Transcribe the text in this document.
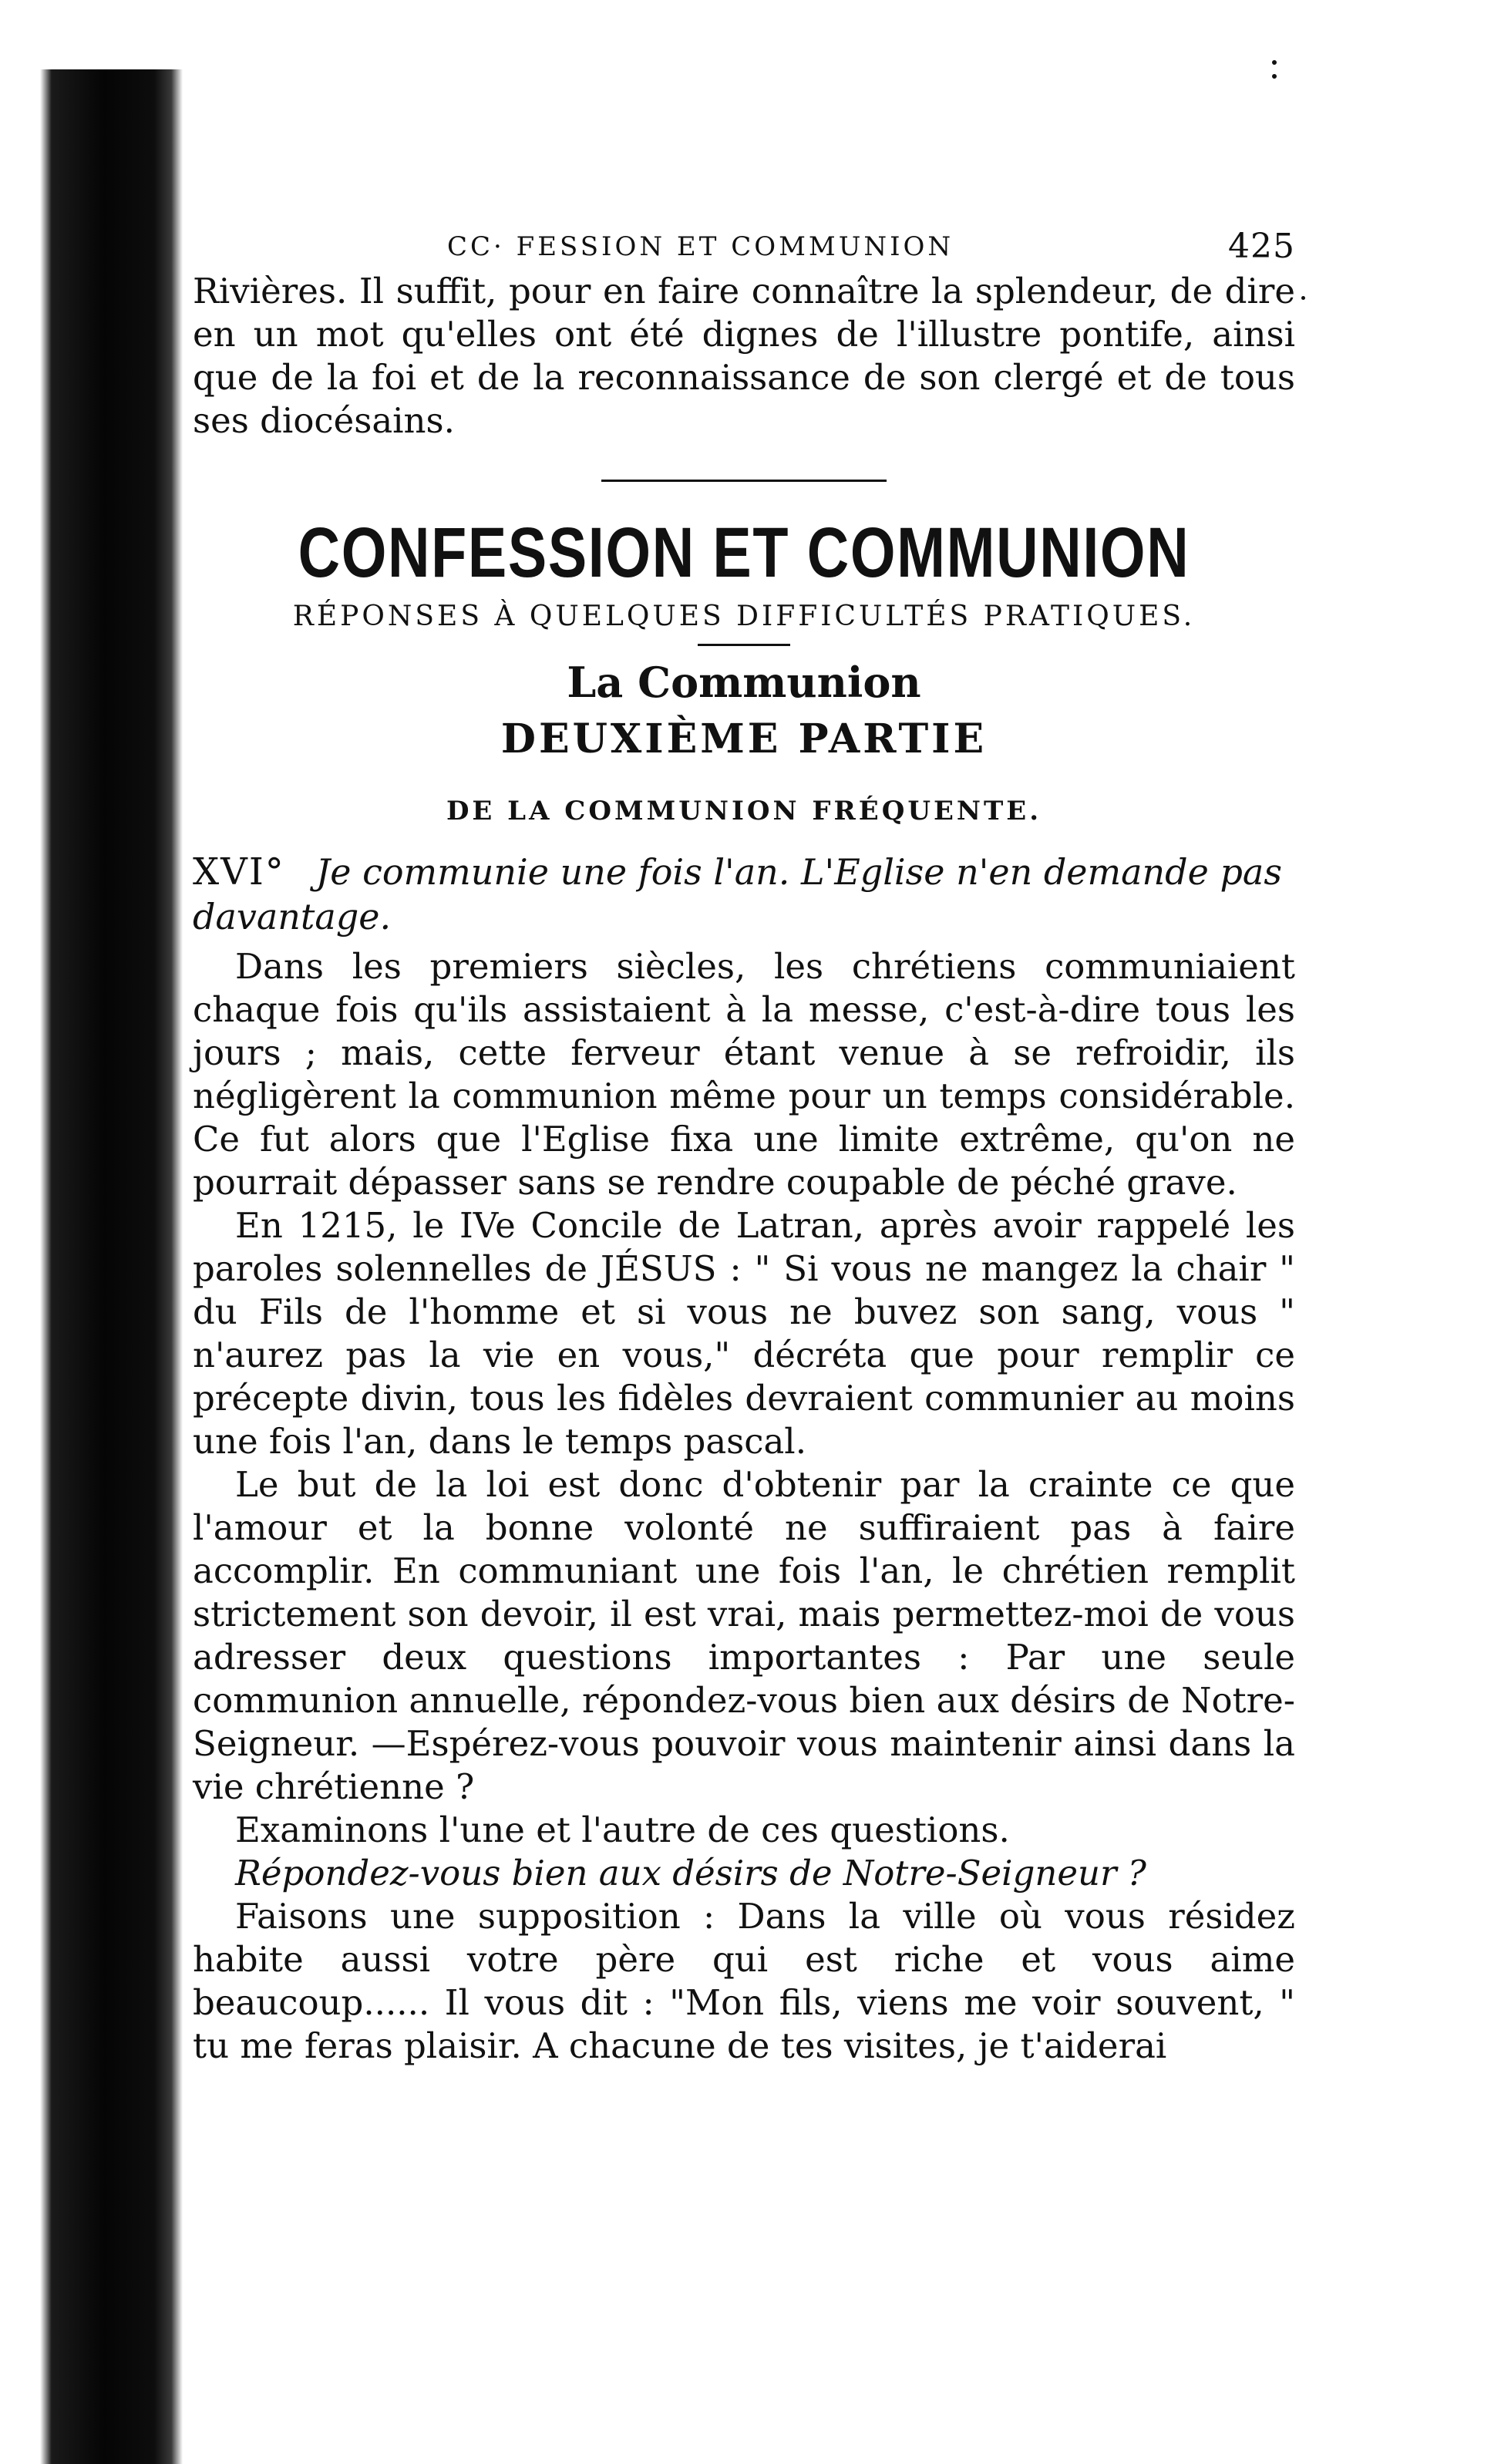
CC· FESSION ET COMMUNION	425

Rivières. Il suffit, pour en faire connaître la splendeur, de dire en un mot qu'elles ont été dignes de l'illustre pontife, ainsi que de la foi et de la reconnaissance de son clergé et de tous ses diocésains.

CONFESSION ET COMMUNION

RÉPONSES À QUELQUES DIFFICULTÉS PRATIQUES.

La Communion
DEUXIÈME PARTIE
DE LA COMMUNION FRÉQUENTE.

XVI° Je communie une fois l'an. L'Eglise n'en demande pas davantage.

Dans les premiers siècles, les chrétiens communiaient chaque fois qu'ils assistaient à la messe, c'est-à-dire tous les jours ; mais, cette ferveur étant venue à se refroidir, ils négligèrent la communion même pour un temps considérable. Ce fut alors que l'Eglise fixa une limite extrême, qu'on ne pourrait dépasser sans se rendre coupable de péché grave.

En 1215, le IVe Concile de Latran, après avoir rappelé les paroles solennelles de JÉSUS : " Si vous ne mangez la chair " du Fils de l'homme et si vous ne buvez son sang, vous " n'aurez pas la vie en vous," décréta que pour remplir ce précepte divin, tous les fidèles devraient communier au moins une fois l'an, dans le temps pascal.

Le but de la loi est donc d'obtenir par la crainte ce que l'amour et la bonne volonté ne suffiraient pas à faire accomplir. En communiant une fois l'an, le chrétien remplit strictement son devoir, il est vrai, mais permettez-moi de vous adresser deux questions importantes : Par une seule communion annuelle, répondez-vous bien aux désirs de Notre-Seigneur. —Espérez-vous pouvoir vous maintenir ainsi dans la vie chrétienne ?

Examinons l'une et l'autre de ces questions.

Répondez-vous bien aux désirs de Notre-Seigneur ?

Faisons une supposition : Dans la ville où vous résidez habite aussi votre père qui est riche et vous aime beaucoup...... Il vous dit : "Mon fils, viens me voir souvent, " tu me feras plaisir. A chacune de tes visites, je t'aiderai
